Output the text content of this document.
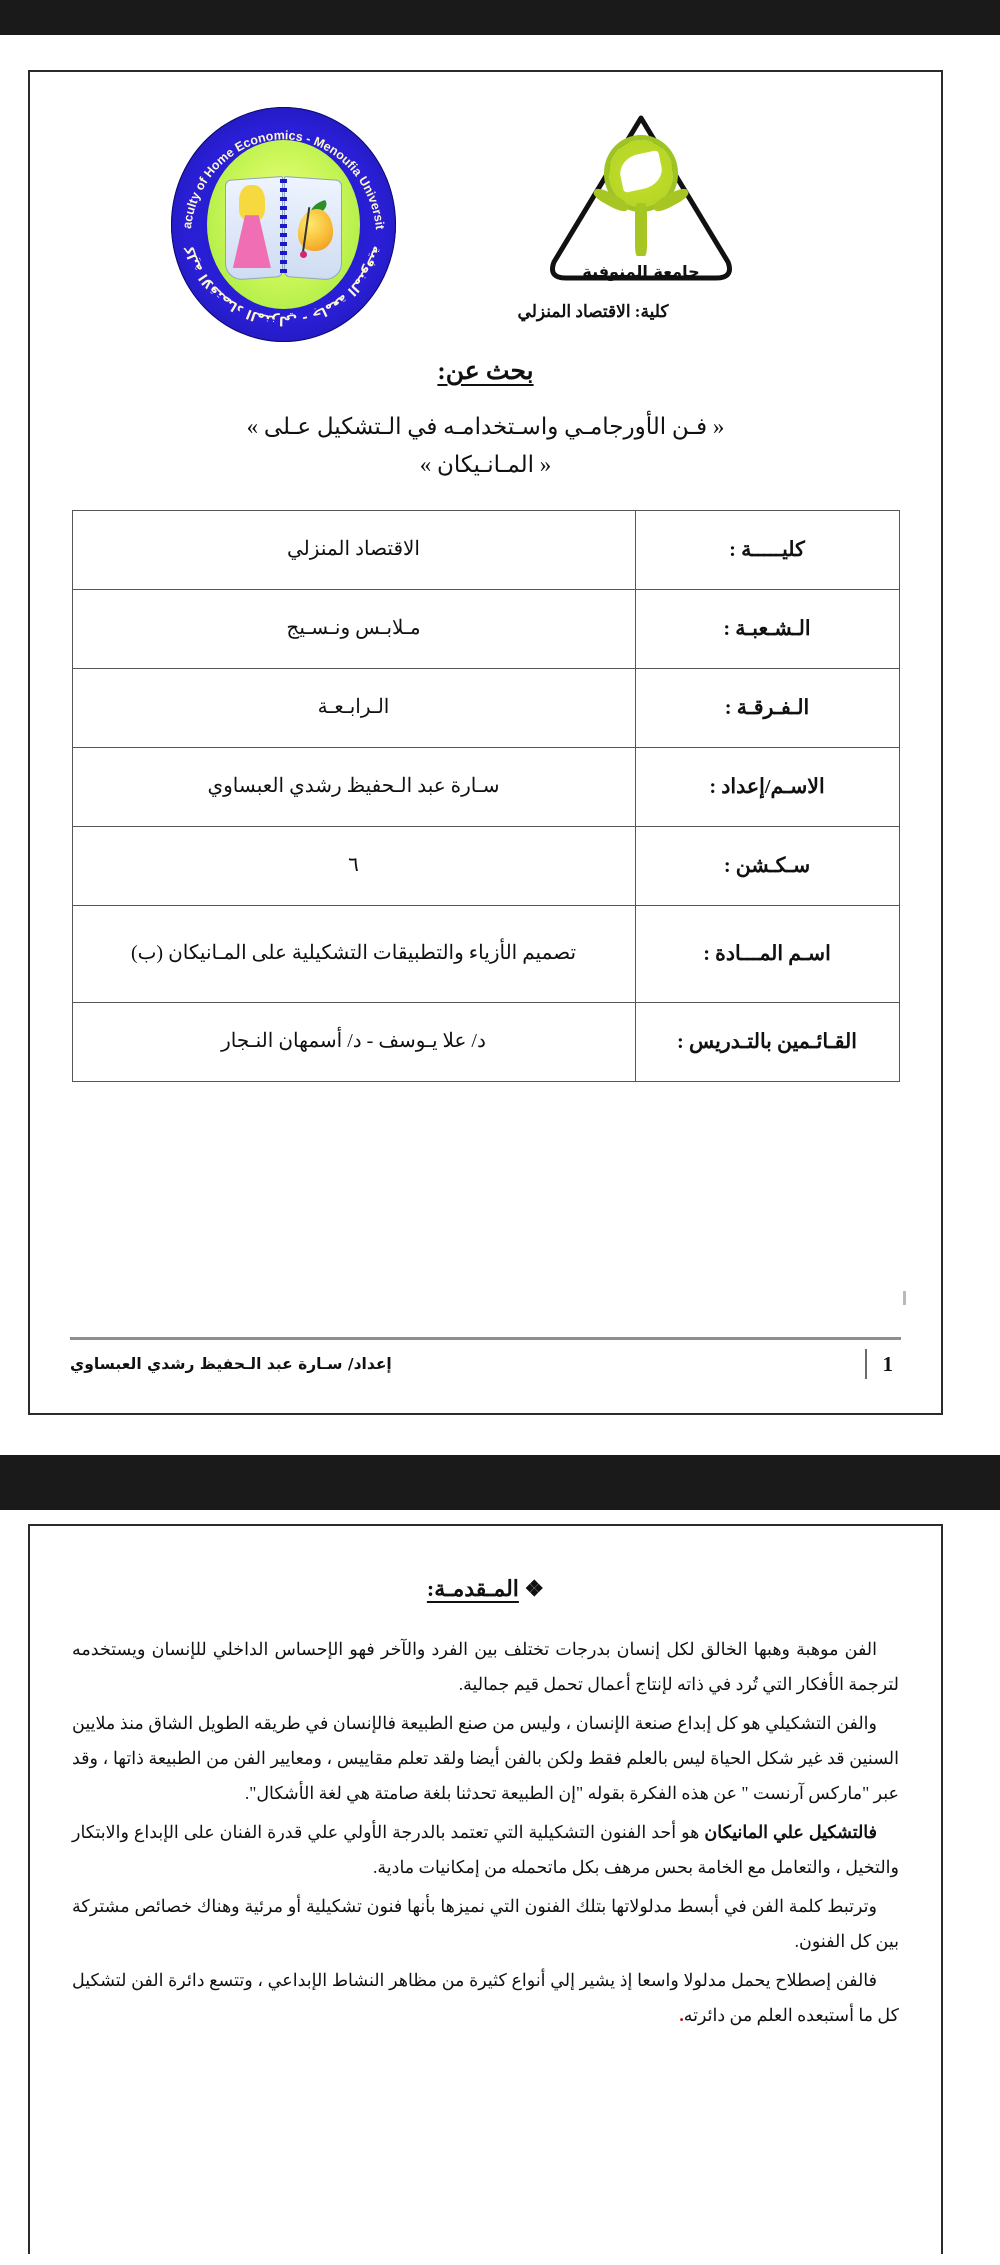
Faculty of Home Economics - Menoufia University
كلية الاقتصاد المنزلي - جامعة المنوفية
جامعة المنوفية
كلية: الاقتصاد المنزلي
بحث عن:
« فـن الأورجامـي واسـتخدامـه في الـتشكيل عـلى »
« المـانـيكان »
كليـــــة :	الاقتصاد المنزلي
الـشـعبـة :	مـلابـس ونـسـيج
الـفـرقـة :	الـرابـعـة
الاسـم/إعداد :	سـارة عبد الـحفيظ رشدي العبساوي
سـكـشن :	٦
اسـم المـــادة :	تصميم الأزياء والتطبيقات التشكيلية على المـانيكان (ب)
القـائـمين بالتـدريس :	د/ علا يـوسف - د/ أسمهان النـجار
إعداد/ سـارة عبد الـحفيظ رشدي العبساوي	1
❖ المـقدمـة:

الفن موهبة وهبها الخالق لكل إنسان بدرجات تختلف بين الفرد والآخر فهو الإحساس الداخلي للإنسان ويستخدمه لترجمة الأفكار التي تُرد في ذاته لإنتاج أعمال تحمل قيم جمالية.

والفن التشكيلي هو كل إبداع صنعة الإنسان ، وليس من صنع الطبيعة فالإنسان في طريقه الطويل الشاق منذ ملايين السنين قد غير شكل الحياة ليس بالعلم فقط ولكن بالفن أيضا ولقد تعلم مقاييس ، ومعايير الفن من الطبيعة ذاتها ، وقد عبر "ماركس آرنست " عن هذه الفكرة بقوله "إن الطبيعة تحدثنا بلغة صامتة هي لغة الأشكال".

فالتشكيل علي المانيكان هو أحد الفنون التشكيلية التي تعتمد بالدرجة الأولي علي قدرة الفنان على الإبداع والابتكار والتخيل ، والتعامل مع الخامة بحس مرهف بكل ماتحمله من إمكانيات مادية.

وترتبط كلمة الفن في أبسط مدلولاتها بتلك الفنون التي نميزها بأنها فنون تشكيلية أو مرئية وهناك خصائص مشتركة بين كل الفنون.

فالفن إصطلاح يحمل مدلولا واسعا إذ يشير إلي أنواع كثيرة من مظاهر النشاط الإبداعي ، وتتسع دائرة الفن لتشكيل كل ما أستبعده العلم من دائرته.
